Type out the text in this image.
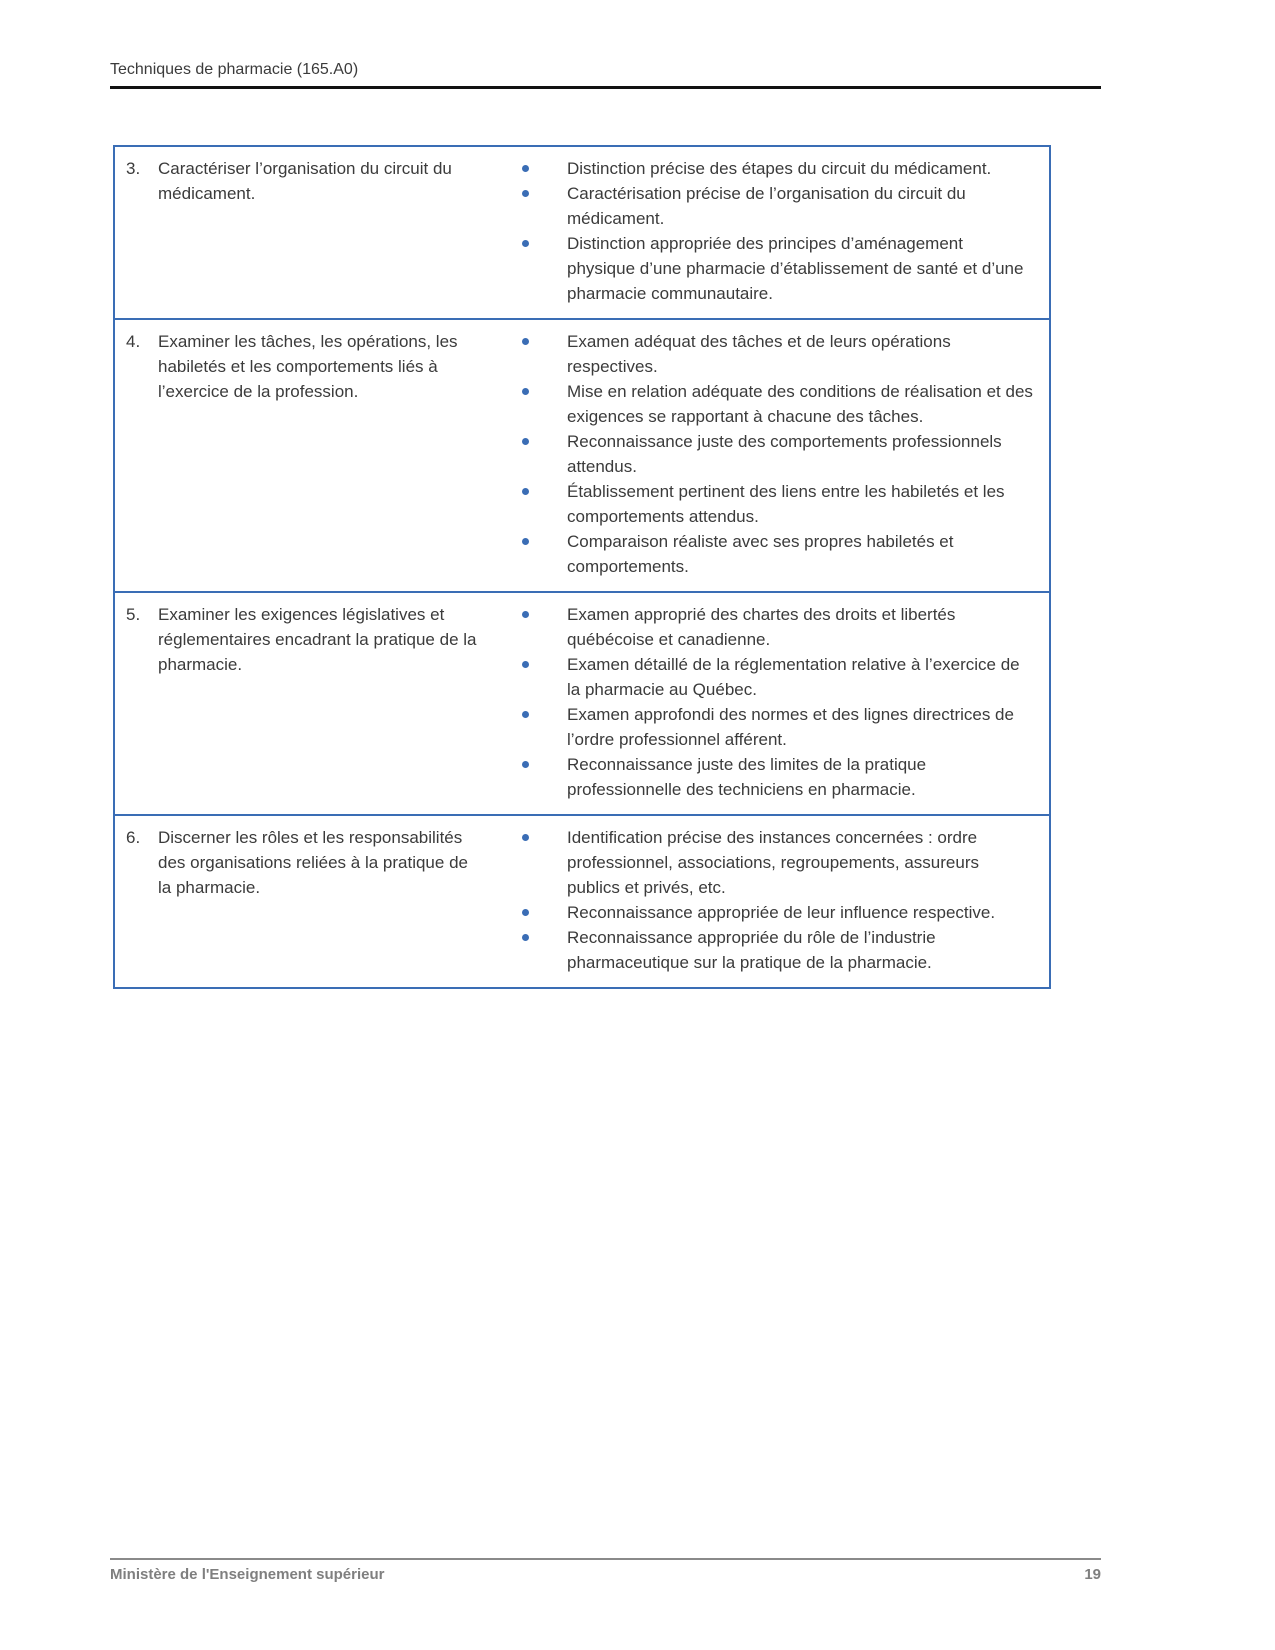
Techniques de pharmacie (165.A0)
3.	Caractériser l’organisation du circuit du médicament.	
Distinction précise des étapes du circuit du médicament.
Caractérisation précise de l’organisation du circuit du médicament.
Distinction appropriée des principes d’aménagement physique d’une pharmacie d’établissement de santé et d’une pharmacie communautaire.

4.	Examiner les tâches, les opérations, les habiletés et les comportements liés à l’exercice de la profession.	
Examen adéquat des tâches et de leurs opérations respectives.
Mise en relation adéquate des conditions de réalisation et des exigences se rapportant à chacune des tâches.
Reconnaissance juste des comportements professionnels attendus.
Établissement pertinent des liens entre les habiletés et les comportements attendus.
Comparaison réaliste avec ses propres habiletés et comportements.

5.	Examiner les exigences législatives et réglementaires encadrant la pratique de la pharmacie.	
Examen approprié des chartes des droits et libertés québécoise et canadienne.
Examen détaillé de la réglementation relative à l’exercice de la pharmacie au Québec.
Examen approfondi des normes et des lignes directrices de l’ordre professionnel afférent.
Reconnaissance juste des limites de la pratique professionnelle des techniciens en pharmacie.

6.	Discerner les rôles et les responsabilités des organisations reliées à la pratique de la pharmacie.	
Identification précise des instances concernées : ordre professionnel, associations, regroupements, assureurs publics et privés, etc.
Reconnaissance appropriée de leur influence respective.
Reconnaissance appropriée du rôle de l’industrie pharmaceutique sur la pratique de la pharmacie.
Ministère de l'Enseignement supérieur	19
